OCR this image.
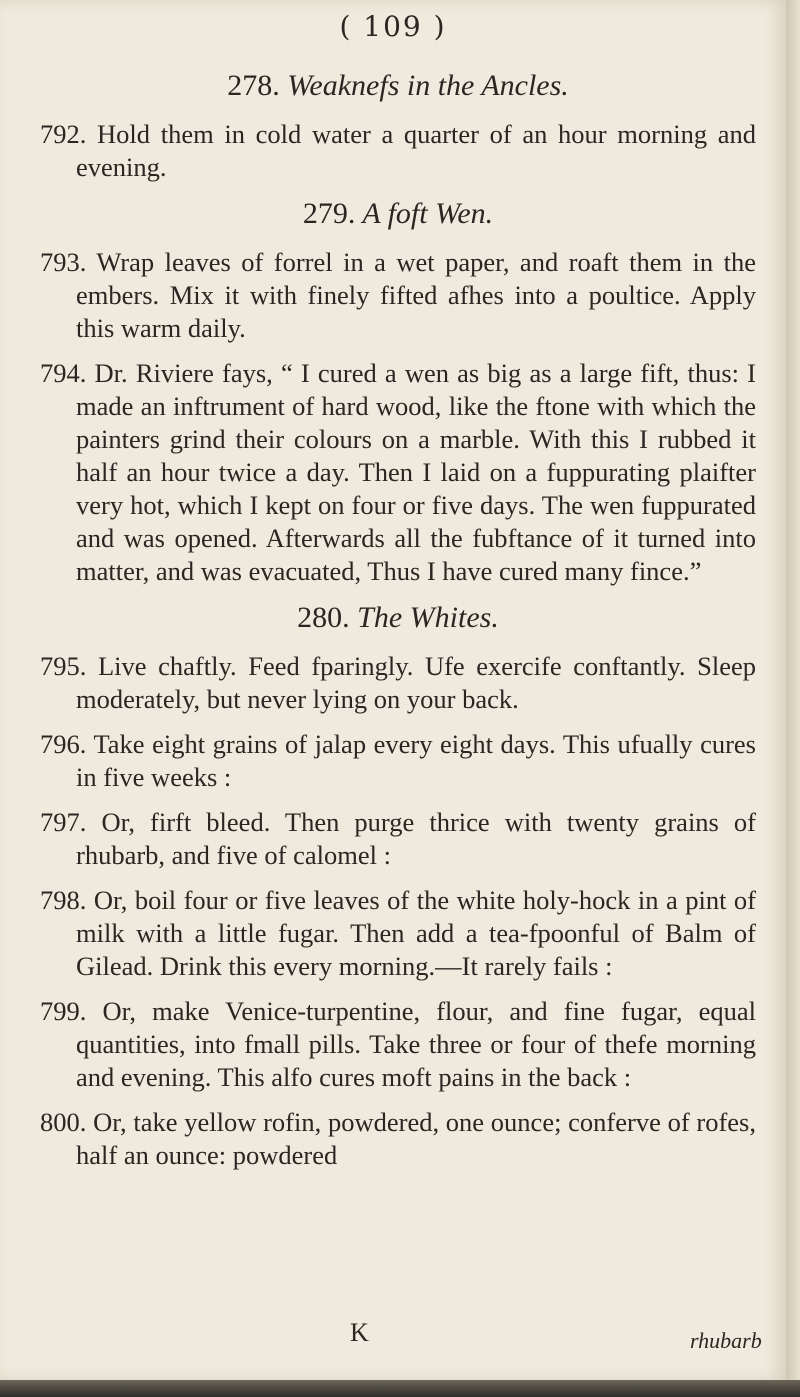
( 109 )
278. Weaknefs in the Ancles.

792. Hold them in cold water a quarter of an hour morning and evening.

279. A foft Wen.

793. Wrap leaves of forrel in a wet paper, and roaft them in the embers. Mix it with finely fifted afhes into a poultice. Apply this warm daily.

794. Dr. Riviere fays, “ I cured a wen as big as a large fift, thus: I made an inftrument of hard wood, like the ftone with which the painters grind their colours on a marble. With this I rubbed it half an hour twice a day. Then I laid on a fuppurating plaifter very hot, which I kept on four or five days. The wen fuppurated and was opened. Afterwards all the fubftance of it turned into matter, and was evacuated, Thus I have cured many fince.”

280. The Whites.

795. Live chaftly. Feed fparingly. Ufe exercife conftantly. Sleep moderately, but never lying on your back.

796. Take eight grains of jalap every eight days. This ufually cures in five weeks :

797. Or, firft bleed. Then purge thrice with twenty grains of rhubarb, and five of calomel :

798. Or, boil four or five leaves of the white holy-hock in a pint of milk with a little fugar. Then add a tea-fpoonful of Balm of Gilead. Drink this every morning.—It rarely fails :

799. Or, make Venice-turpentine, flour, and fine fugar, equal quantities, into fmall pills. Take three or four of thefe morning and evening. This alfo cures moft pains in the back :

800. Or, take yellow rofin, powdered, one ounce; conferve of rofes, half an ounce: powdered

K	rhubarb
